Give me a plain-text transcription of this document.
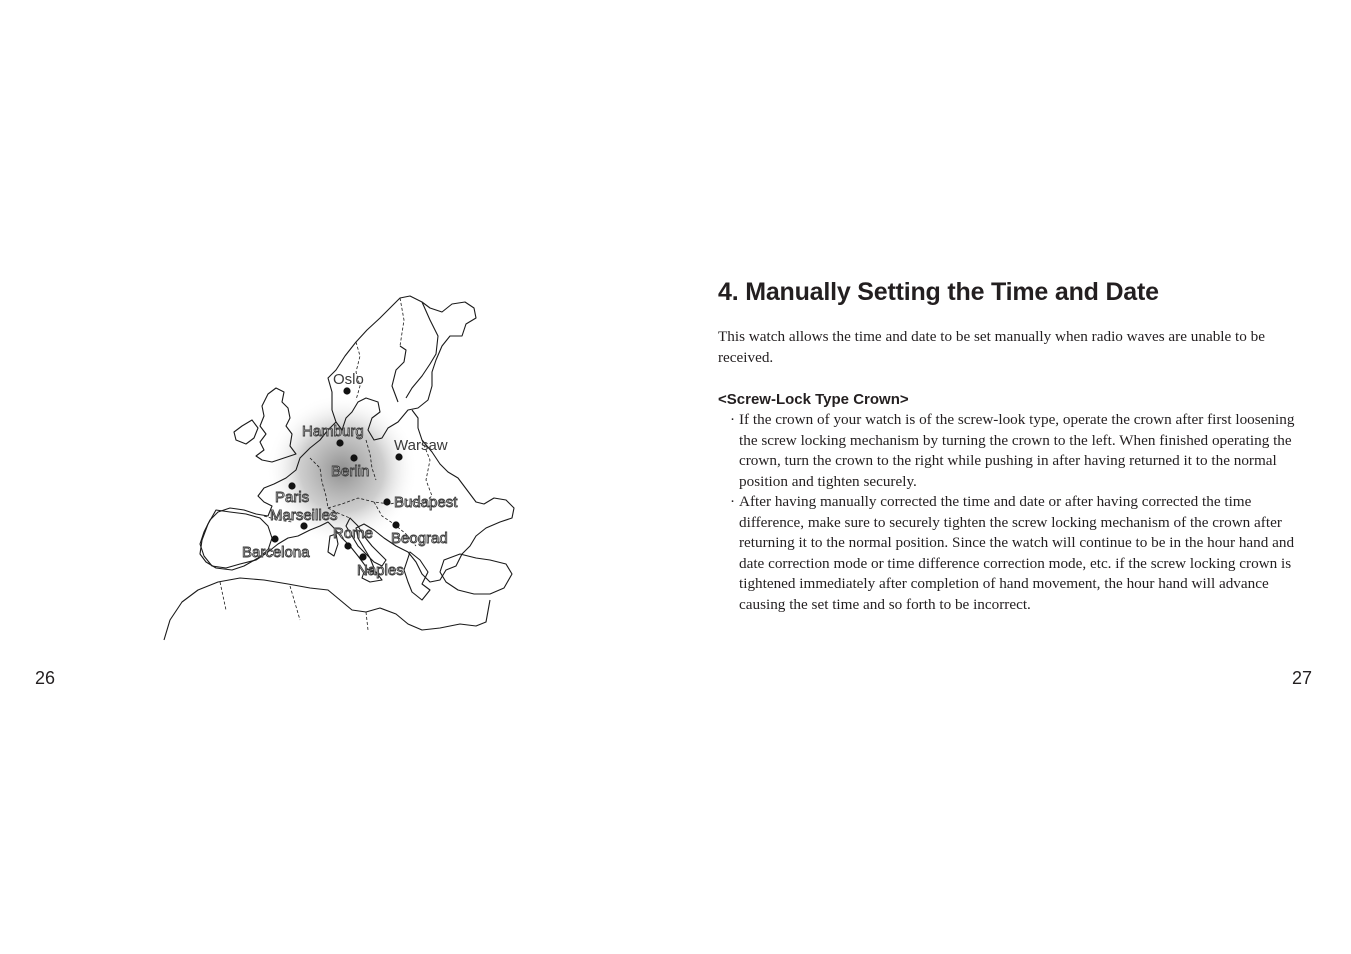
Oslo
Hamburg
Warsaw
Berlin
Paris	Budapest
Marseilles
Rome Beograd
Barcelona
Naples
26	27
4. Manually Setting the Time and Date

This watch allows the time and date to be set manually when radio waves are unable to be received.

<Screw-Lock Type Crown>

· If the crown of your watch is of the screw-look type, operate the crown after first loosening the screw locking mechanism by turning the crown to the left. When finished operating the crown, turn the crown to the right while pushing in after having returned it to the normal position and tighten securely.
· After having manually corrected the time and date or after having corrected the time difference, make sure to securely tighten the screw locking mechanism of the crown after returning it to the normal position. Since the watch will continue to be in the hour hand and date correction mode or time difference correction mode, etc. if the screw locking crown is tightened immediately after completion of hand movement, the hour hand will advance causing the set time and so forth to be incorrect.
